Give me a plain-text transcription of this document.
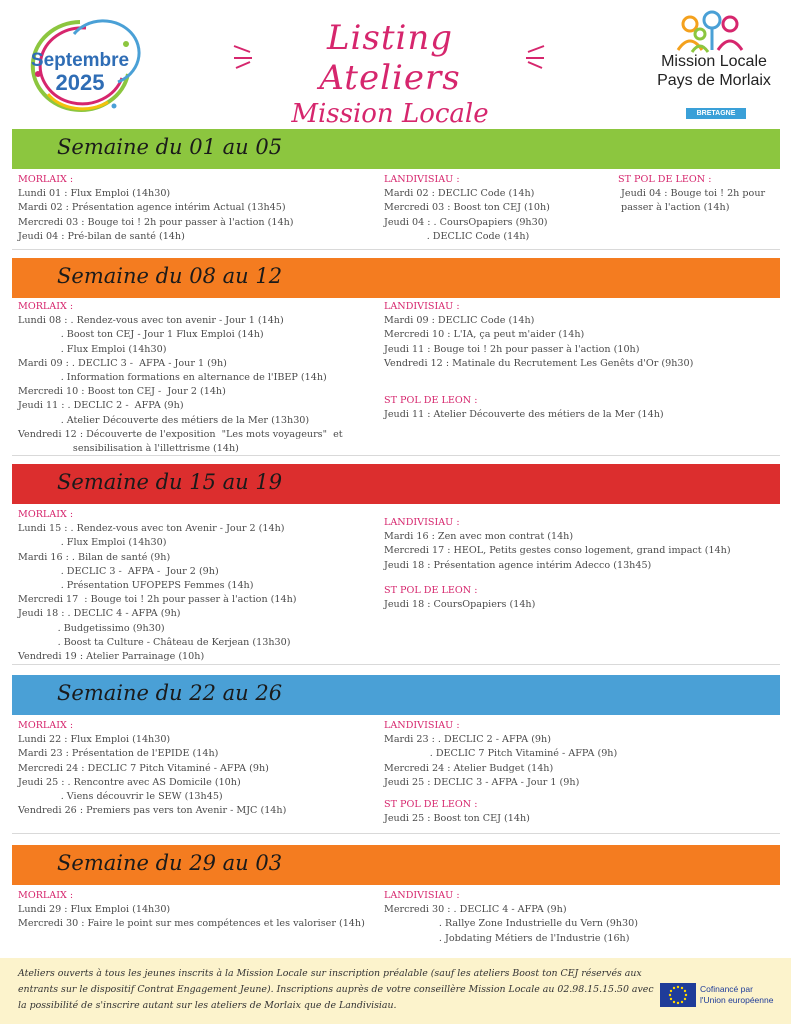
Septembre
2025
Listing Ateliers
Mission Locale
Mission Locale
Pays de Morlaix
BRETAGNE
Semaine du 01 au 05
MORLAIX :
Lundi 01 : Flux Emploi (14h30)
Mardi 02 : Présentation agence intérim Actual (13h45)
Mercredi 03 : Bouge toi ! 2h pour passer à l'action (14h)
Jeudi 04 : Pré-bilan de santé (14h)
LANDIVISIAU :
Mardi 02 : DECLIC Code (14h)
Mercredi 03 : Boost ton CEJ (10h)
Jeudi 04 : . CoursOpapiers (9h30)
. DECLIC Code (14h)
ST POL DE LEON :
Jeudi 04 : Bouge toi ! 2h pour
passer à l'action (14h)
Semaine du 08 au 12
MORLAIX :
Lundi 08 : . Rendez-vous avec ton avenir - Jour 1 (14h)
. Boost ton CEJ - Jour 1 Flux Emploi (14h)
. Flux Emploi (14h30)
Mardi 09 : . DECLIC 3 -  AFPA - Jour 1 (9h)
. Information formations en alternance de l'IBEP (14h)
Mercredi 10 : Boost ton CEJ -  Jour 2 (14h)
Jeudi 11 : . DECLIC 2 -  AFPA (9h)
. Atelier Découverte des métiers de la Mer (13h30)
Vendredi 12 : Découverte de l'exposition  "Les mots voyageurs"  et
sensibilisation à l'illettrisme (14h)
LANDIVISIAU :
Mardi 09 : DECLIC Code (14h)
Mercredi 10 : L'IA, ça peut m'aider (14h)
Jeudi 11 : Bouge toi ! 2h pour passer à l'action (10h)
Vendredi 12 : Matinale du Recrutement Les Genêts d'Or (9h30)
ST POL DE LEON :
Jeudi 11 : Atelier Découverte des métiers de la Mer (14h)
Semaine du 15 au 19
MORLAIX :
Lundi 15 : . Rendez-vous avec ton Avenir - Jour 2 (14h)
. Flux Emploi (14h30)
Mardi 16 : . Bilan de santé (9h)
. DECLIC 3 -  AFPA -  Jour 2 (9h)
. Présentation UFOPEPS Femmes (14h)
Mercredi 17  : Bouge toi ! 2h pour passer à l'action (14h)
Jeudi 18 : . DECLIC 4 - AFPA (9h)
. Budgetissimo (9h30)
. Boost ta Culture - Château de Kerjean (13h30)
Vendredi 19 : Atelier Parrainage (10h)
LANDIVISIAU :
Mardi 16 : Zen avec mon contrat (14h)
Mercredi 17 : HEOL, Petits gestes conso logement, grand impact (14h)
Jeudi 18 : Présentation agence intérim Adecco (13h45)
ST POL DE LEON :
Jeudi 18 : CoursOpapiers (14h)
Semaine du 22 au 26
MORLAIX :
Lundi 22 : Flux Emploi (14h30)
Mardi 23 : Présentation de l'EPIDE (14h)
Mercredi 24 : DECLIC 7 Pitch Vitaminé - AFPA (9h)
Jeudi 25 : . Rencontre avec AS Domicile (10h)
. Viens découvrir le SEW (13h45)
Vendredi 26 : Premiers pas vers ton Avenir - MJC (14h)
LANDIVISIAU :
Mardi 23 : . DECLIC 2 - AFPA (9h)
. DECLIC 7 Pitch Vitaminé - AFPA (9h)
Mercredi 24 : Atelier Budget (14h)
Jeudi 25 : DECLIC 3 - AFPA - Jour 1 (9h)
ST POL DE LEON :
Jeudi 25 : Boost ton CEJ (14h)
Semaine du 29 au 03
MORLAIX :
Lundi 29 : Flux Emploi (14h30)
Mercredi 30 : Faire le point sur mes compétences et les valoriser (14h)
LANDIVISIAU :
Mercredi 30 : . DECLIC 4 - AFPA (9h)
. Rallye Zone Industrielle du Vern (9h30)
. Jobdating Métiers de l'Industrie (16h)
Ateliers ouverts à tous les jeunes inscrits à la Mission Locale sur inscription préalable (sauf les ateliers Boost ton CEJ réservés aux entrants sur le dispositif Contrat Engagement Jeune). Inscriptions auprès de votre conseillère Mission Locale au 02.98.15.15.50 avec la possibilité de s'inscrire autant sur les ateliers de Morlaix que de Landivisiau.
Cofinancé par
l'Union européenne
